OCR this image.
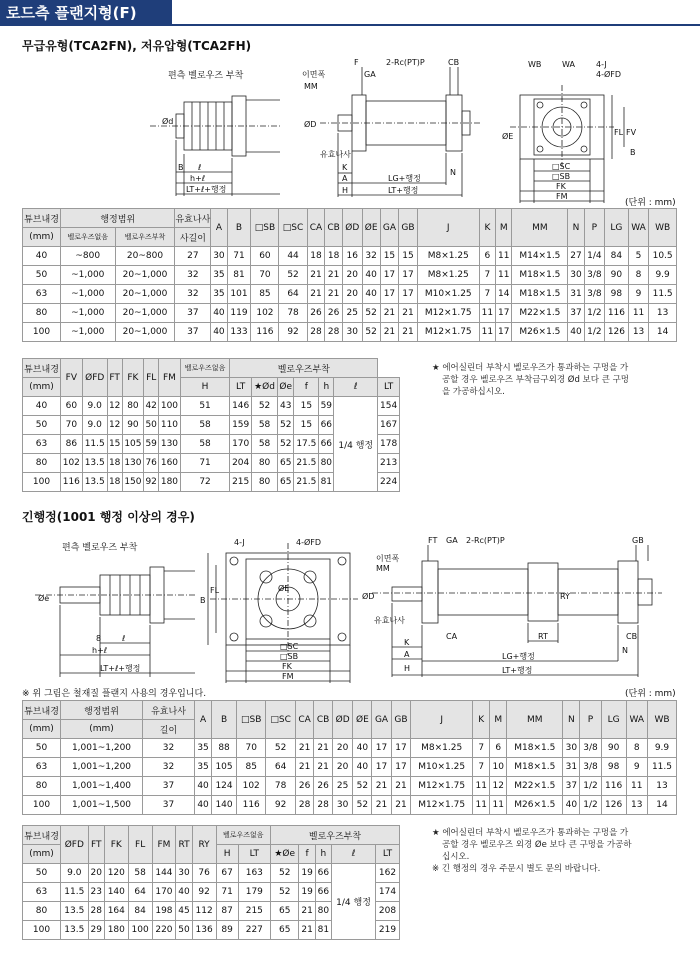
로드측 플랜지형(F)
무급유형(TCA2FN), 저유압형(TCA2FH)
편측 벨로우즈 부착
Ød
ℓ
B
h+ℓ
LT+ℓ+행정
2-Rc(PT)P	CB
GA
이면폭
MM
ØD
유효나사
K
A
H
LG+행정
LT+행정
N
F	WB	WA	4-J
4-ØFD
FL FV
B
ØE
□SC
□SB
FK
FM
(단위 : mm)
튜브내경	행정범위		유효나사	A	B	□SB	□SC	CA	CB	ØD	ØE	GA	GB	J	K	M	MM	N	P	LG	WA	WB
(mm)	벨로우즈없음	벨로우즈부착	사길이																			
40	~800	20~800	27	30	71	60	44	18	18	16	32	15	15	M8×1.25	6	11	M14×1.5	27	1/4	84	5	10.5
50	~1,000	20~1,000	32	35	81	70	52	21	21	20	40	17	17	M8×1.25	7	11	M18×1.5	30	3/8	90	8	9.9
63	~1,000	20~1,000	32	35	101	85	64	21	21	20	40	17	17	M10×1.25	7	14	M18×1.5	31	3/8	98	9	11.5
80	~1,000	20~1,000	37	40	119	102	78	26	26	25	52	21	21	M12×1.75	11	17	M22×1.5	37	1/2	116	11	13
100	~1,000	20~1,000	37	40	133	116	92	28	28	30	52	21	21	M12×1.75	11	17	M26×1.5	40	1/2	126	13	14
튜브내경	FV	ØFD	FT	FK	FL	FM	벨로우즈없음	벨로우즈부착						
(mm)							H	LT	★Ød	Øe	f	h	ℓ	LT
40	60	9.0	12	80	42	100	51	146	52	43	15	59	1/4 행정	154
50	70	9.0	12	90	50	110	58	159	58	52	15	66		167
63	86	11.5	15	105	59	130	58	170	58	52	17.5	66		178
80	102	13.5	18	130	76	160	71	204	80	65	21.5	80		213
100	116	13.5	18	150	92	180	72	215	80	65	21.5	81		224
★ 에어실린더 부착시 벨로우즈가 통과하는 구멍을 가
공할 경우 벨로우즈 부착금구외경 Ød 보다 큰 구멍
을 가공하십시오.
긴행정(1001 행정 이상의 경우)
편측 벨로우즈 부착
Øe
8	ℓ
h+ℓ
LT+ℓ+행정
4-J	4-ØFD
ØE
B
FL
□SC
□SB
FK
FM
FT GA 2-Rc(PT)P	GB
이면폭
MM
ØD	RY
유효나사
K
A
CA	RT	CB
N
H
LG+행정
LT+행정
※ 위 그림은 철재질 플랜지 사용의 경우입니다.	(단위 : mm)
튜브내경	행정범위	유효나사	A	B	□SB	□SC	CA	CB	ØD	ØE	GA	GB	J	K	M	MM	N	P	LG	WA	WB
(mm)	(mm)	길이																			
50	1,001~1,200	32	35	88	70	52	21	21	20	40	17	17	M8×1.25	7	6	M18×1.5	30	3/8	90	8	9.9
63	1,001~1,200	32	35	105	85	64	21	21	20	40	17	17	M10×1.25	7	10	M18×1.5	31	3/8	98	9	11.5
80	1,001~1,400	37	40	124	102	78	26	26	25	52	21	21	M12×1.75	11	12	M22×1.5	37	1/2	116	11	13
100	1,001~1,500	37	40	140	116	92	28	28	30	52	21	21	M12×1.75	11	11	M26×1.5	40	1/2	126	13	14
튜브내경	ØFD	FT	FK	FL	FM	RT	RY	벨로우즈없음		벨로우즈부착				
(mm)								H	LT	★Øe	f	h	ℓ	LT
50	9.0	20	120	58	144	30	76	67	163	52	19	66	1/4 행정	162
63	11.5	23	140	64	170	40	92	71	179	52	19	66		174
80	13.5	28	164	84	198	45	112	87	215	65	21	80		208
100	13.5	29	180	100	220	50	136	89	227	65	21	81		219
★ 에어실린더 부착시 벨로우즈가 통과하는 구멍을 가
공할 경우 벨로우즈 외경 Øe 보다 큰 구멍을 가공하
십시오.
※ 긴 행정의 경우 주문시 별도 문의 바랍니다.
